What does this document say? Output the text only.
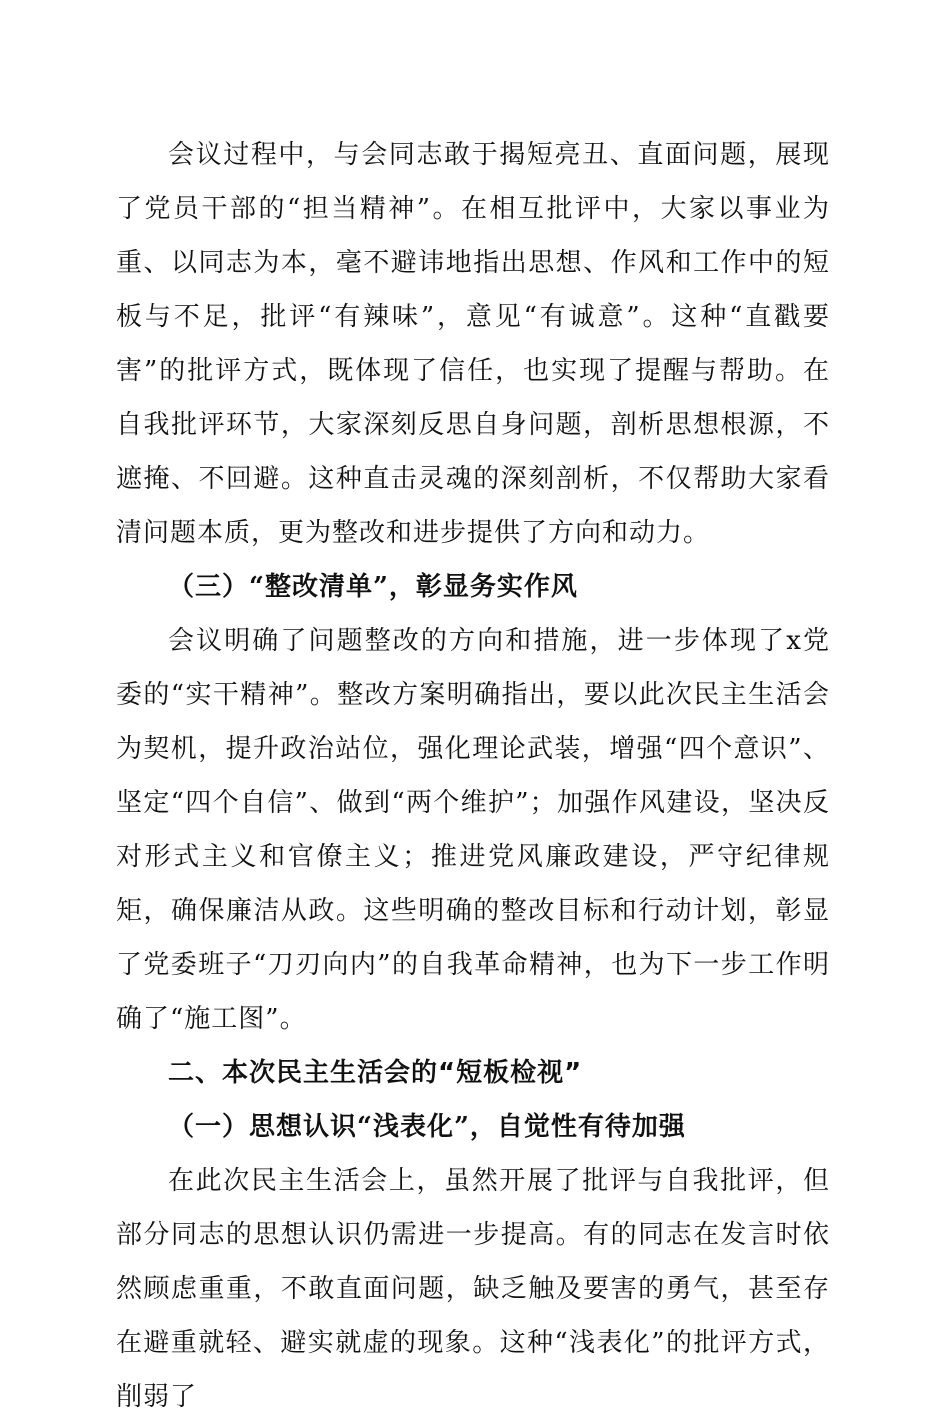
会议过程中，与会同志敢于揭短亮丑、直面问题，展现了党员干部的“担当精神”。在相互批评中，大家以事业为重、以同志为本，毫不避讳地指出思想、作风和工作中的短板与不足，批评“有辣味”，意见“有诚意”。这种“直戳要害”的批评方式，既体现了信任，也实现了提醒与帮助。在自我批评环节，大家深刻反思自身问题，剖析思想根源，不遮掩、不回避。这种直击灵魂的深刻剖析，不仅帮助大家看清问题本质，更为整改和进步提供了方向和动力。

（三）“整改清单”，彰显务实作风

会议明确了问题整改的方向和措施，进一步体现了x党委的“实干精神”。整改方案明确指出，要以此次民主生活会为契机，提升政治站位，强化理论武装，增强“四个意识”、坚定“四个自信”、做到“两个维护”；加强作风建设，坚决反对形式主义和官僚主义；推进党风廉政建设，严守纪律规矩，确保廉洁从政。这些明确的整改目标和行动计划，彰显了党委班子“刀刃向内”的自我革命精神，也为下一步工作明确了“施工图”。

二、本次民主生活会的“短板检视”

（一）思想认识“浅表化”，自觉性有待加强

在此次民主生活会上，虽然开展了批评与自我批评，但部分同志的思想认识仍需进一步提高。有的同志在发言时依然顾虑重重，不敢直面问题，缺乏触及要害的勇气，甚至存在避重就轻、避实就虚的现象。这种“浅表化”的批评方式，削弱了
